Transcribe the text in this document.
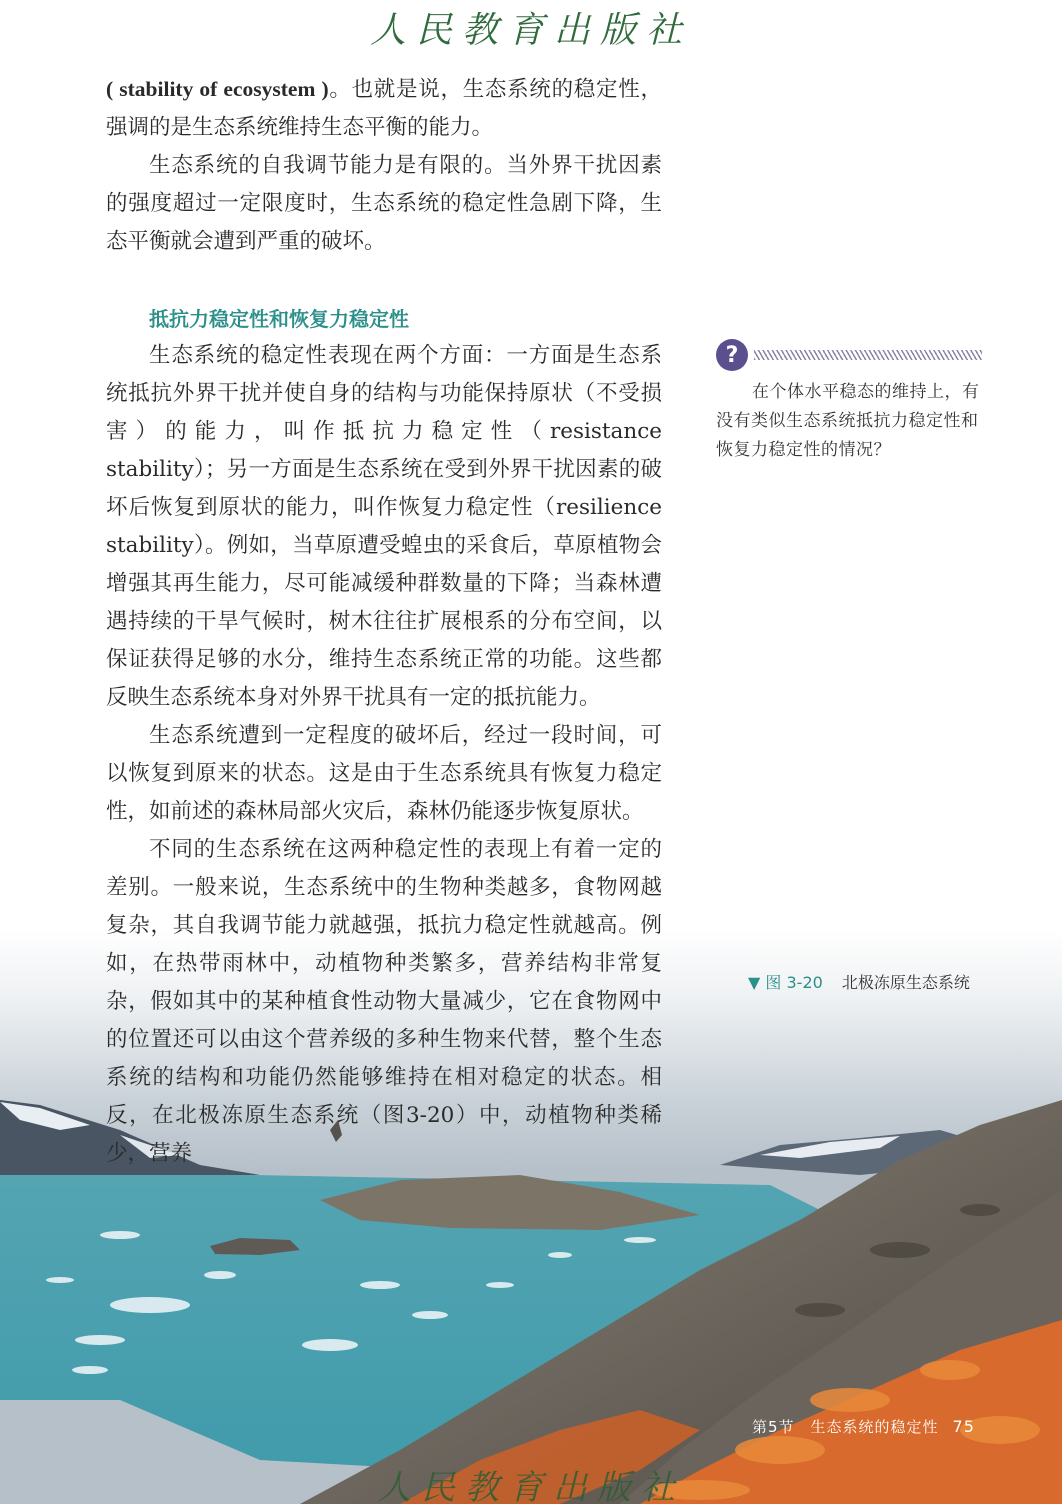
人民教育出版社

( stability of ecosystem )。也就是说，生态系统的稳定性，强调的是生态系统维持生态平衡的能力。

生态系统的自我调节能力是有限的。当外界干扰因素的强度超过一定限度时，生态系统的稳定性急剧下降，生态平衡就会遭到严重的破坏。

抵抗力稳定性和恢复力稳定性

生态系统的稳定性表现在两个方面：一方面是生态系统抵抗外界干扰并使自身的结构与功能保持原状（不受损害）的能力，叫作抵抗力稳定性（resistance stability）；另一方面是生态系统在受到外界干扰因素的破坏后恢复到原状的能力，叫作恢复力稳定性（resilience stability）。例如，当草原遭受蝗虫的采食后，草原植物会增强其再生能力，尽可能减缓种群数量的下降；当森林遭遇持续的干旱气候时，树木往往扩展根系的分布空间，以保证获得足够的水分，维持生态系统正常的功能。这些都反映生态系统本身对外界干扰具有一定的抵抗能力。

生态系统遭到一定程度的破坏后，经过一段时间，可以恢复到原来的状态。这是由于生态系统具有恢复力稳定性，如前述的森林局部火灾后，森林仍能逐步恢复原状。

不同的生态系统在这两种稳定性的表现上有着一定的差别。一般来说，生态系统中的生物种类越多，食物网越复杂，其自我调节能力就越强，抵抗力稳定性就越高。例如，在热带雨林中，动植物种类繁多，营养结构非常复杂，假如其中的某种植食性动物大量减少，它在食物网中的位置还可以由这个营养级的多种生物来代替，整个生态系统的结构和功能仍然能够维持在相对稳定的状态。相反，在北极冻原生态系统（图3-20）中，动植物种类稀少，营养

?
在个体水平稳态的维持上，有没有类似生态系统抵抗力稳定性和恢复力稳定性的情况？
▼ 图 3-20 北极冻原生态系统
第5节　生态系统的稳定性 75
人民教育出版社
